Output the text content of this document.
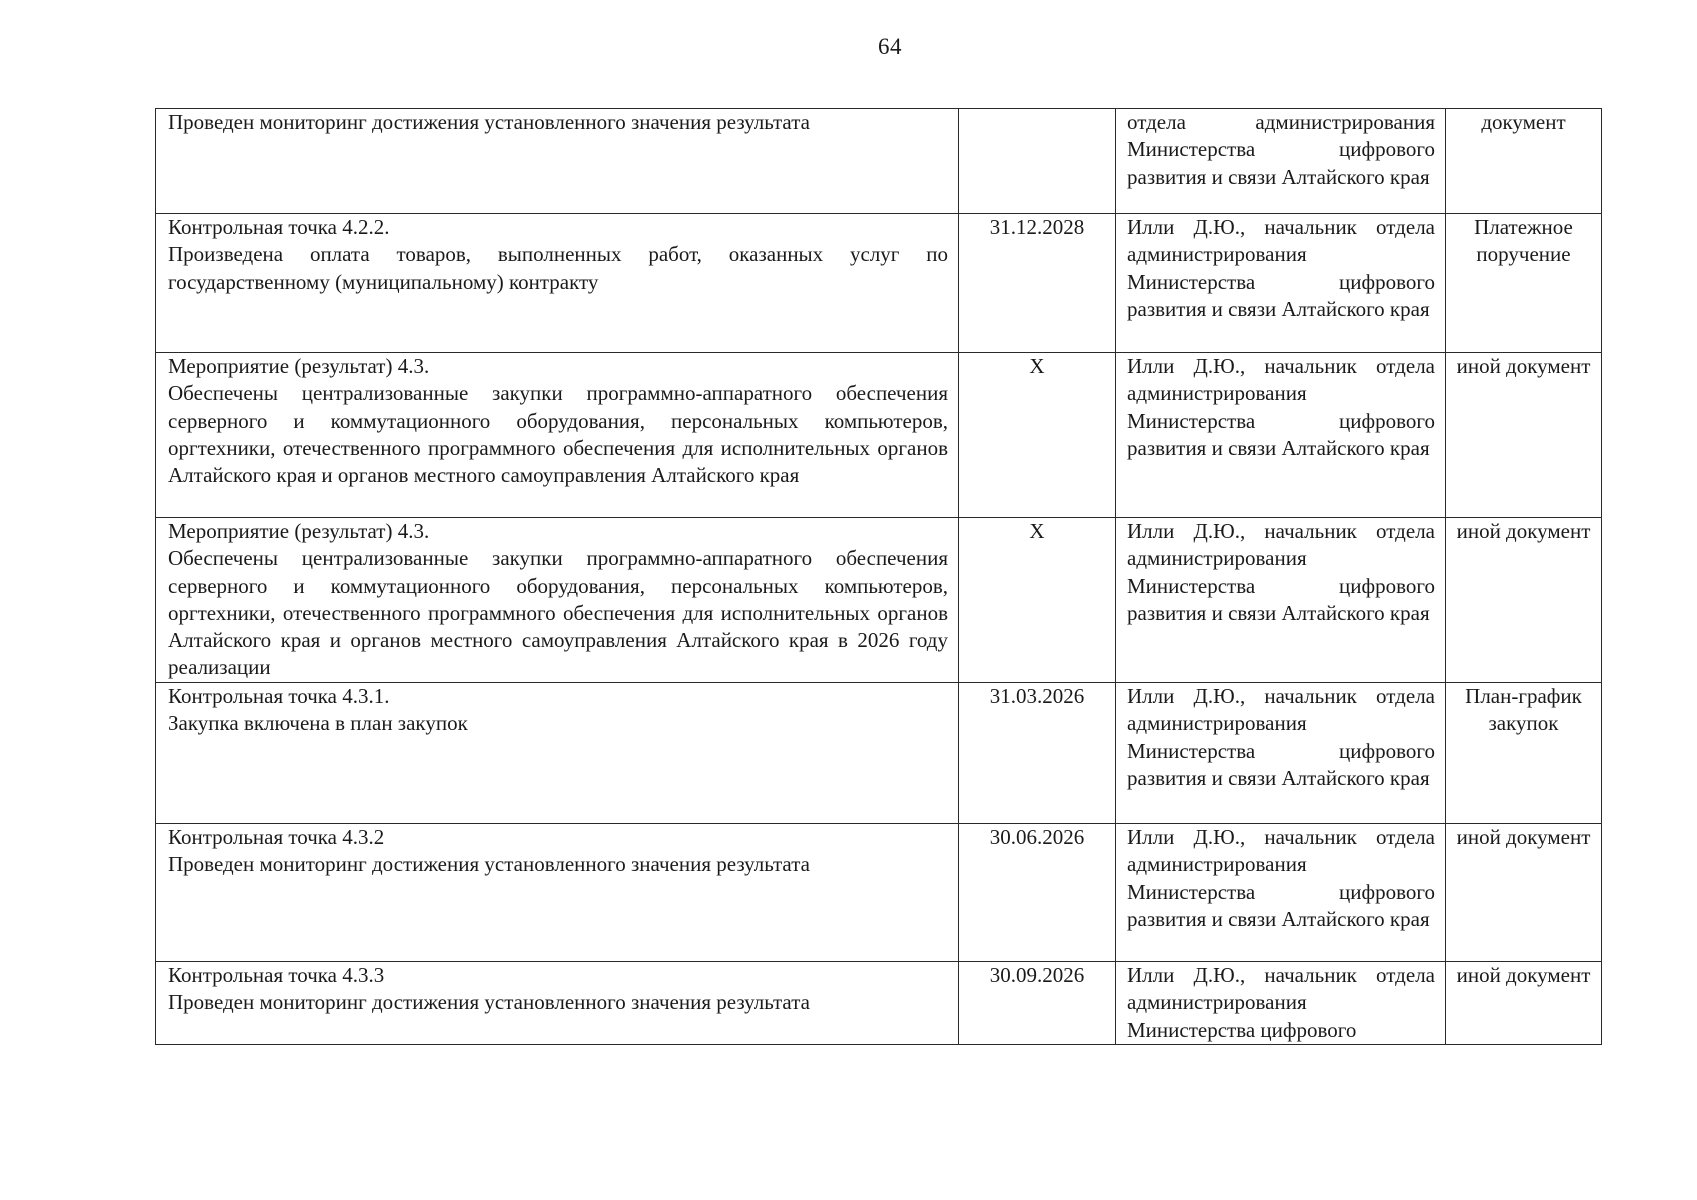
64
Проведен мониторинг достижения установленного значения результата		отдела администрирования Министерства цифрового развития и связи Алтайского края	документ

Контрольная точка 4.2.2.
Произведена оплата товаров, выполненных работ, оказанных услуг по государственному (муниципальному) контракту	31.12.2028	Илли Д.Ю., начальник отдела администрирования Министерства цифрового развития и связи Алтайского края	Платежное поручение

Мероприятие (результат) 4.3.
Обеспечены централизованные закупки программно-аппаратного обеспечения серверного и коммутационного оборудования, персональных компьютеров, оргтехники, отечественного программного обеспечения для исполнительных органов Алтайского края и органов местного самоуправления Алтайского края	Х	Илли Д.Ю., начальник отдела администрирования Министерства цифрового развития и связи Алтайского края	иной документ

Мероприятие (результат) 4.3.
Обеспечены централизованные закупки программно-аппаратного обеспечения серверного и коммутационного оборудования, персональных компьютеров, оргтехники, отечественного программного обеспечения для исполнительных органов Алтайского края и органов местного самоуправления Алтайского края в 2026 году реализации	Х	Илли Д.Ю., начальник отдела администрирования Министерства цифрового развития и связи Алтайского края	иной документ

Контрольная точка 4.3.1.
Закупка включена в план закупок	31.03.2026	Илли Д.Ю., начальник отдела администрирования Министерства цифрового развития и связи Алтайского края	План-график закупок

Контрольная точка 4.3.2
Проведен мониторинг достижения установленного значения результата	30.06.2026	Илли Д.Ю., начальник отдела администрирования Министерства цифрового развития и связи Алтайского края	иной документ

Контрольная точка 4.3.3
Проведен мониторинг достижения установленного значения результата	30.09.2026	Илли Д.Ю., начальник отдела администрирования Министерства цифрового	иной документ
